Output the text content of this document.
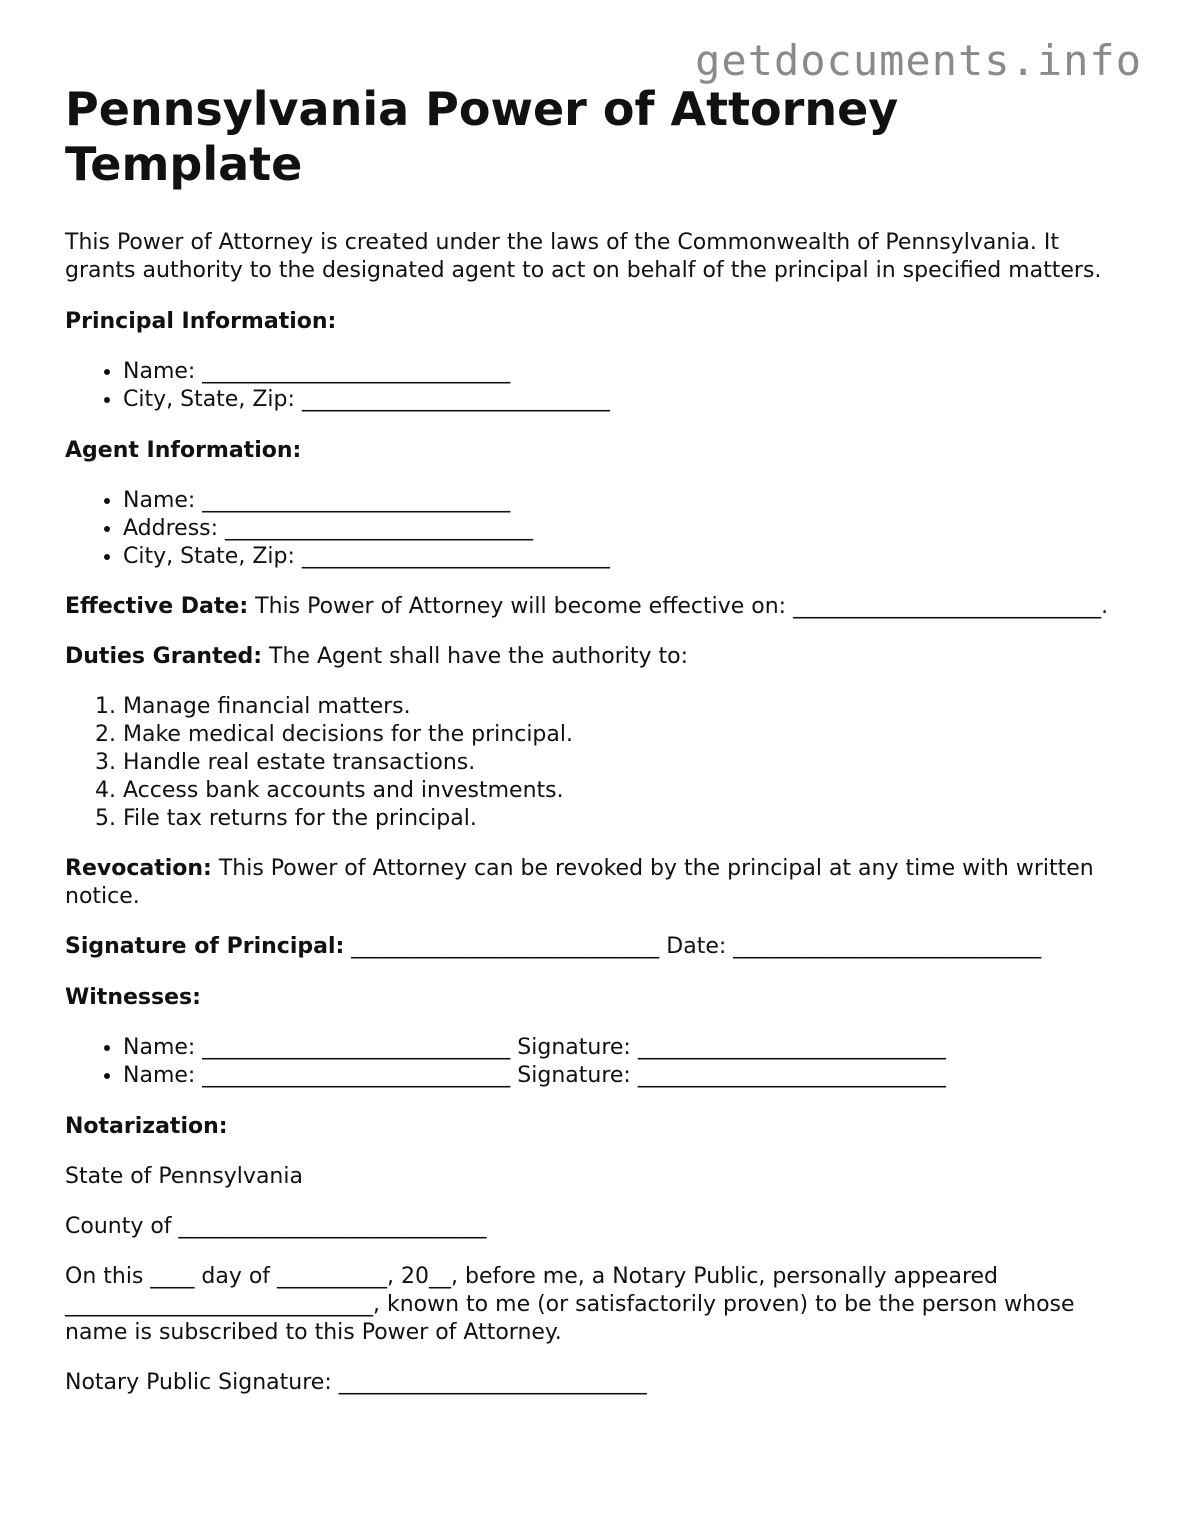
getdocuments.info
Pennsylvania Power of Attorney Template

This Power of Attorney is created under the laws of the Commonwealth of Pennsylvania. It grants authority to the designated agent to act on behalf of the principal in specified matters.

Principal Information:

• Name: ____________________________
• City, State, Zip: ____________________________

Agent Information:

• Name: ____________________________
• Address: ____________________________
• City, State, Zip: ____________________________

Effective Date: This Power of Attorney will become effective on: ____________________________.

Duties Granted: The Agent shall have the authority to:

1. Manage financial matters.
2. Make medical decisions for the principal.
3. Handle real estate transactions.
4. Access bank accounts and investments.
5. File tax returns for the principal.

Revocation: This Power of Attorney can be revoked by the principal at any time with written notice.

Signature of Principal: ____________________________ Date: ____________________________

Witnesses:

• Name: ____________________________ Signature: ____________________________
• Name: ____________________________ Signature: ____________________________

Notarization:

State of Pennsylvania

County of ____________________________

On this ____ day of __________, 20__, before me, a Notary Public, personally appeared ____________________________, known to me (or satisfactorily proven) to be the person whose name is subscribed to this Power of Attorney.

Notary Public Signature: ____________________________
